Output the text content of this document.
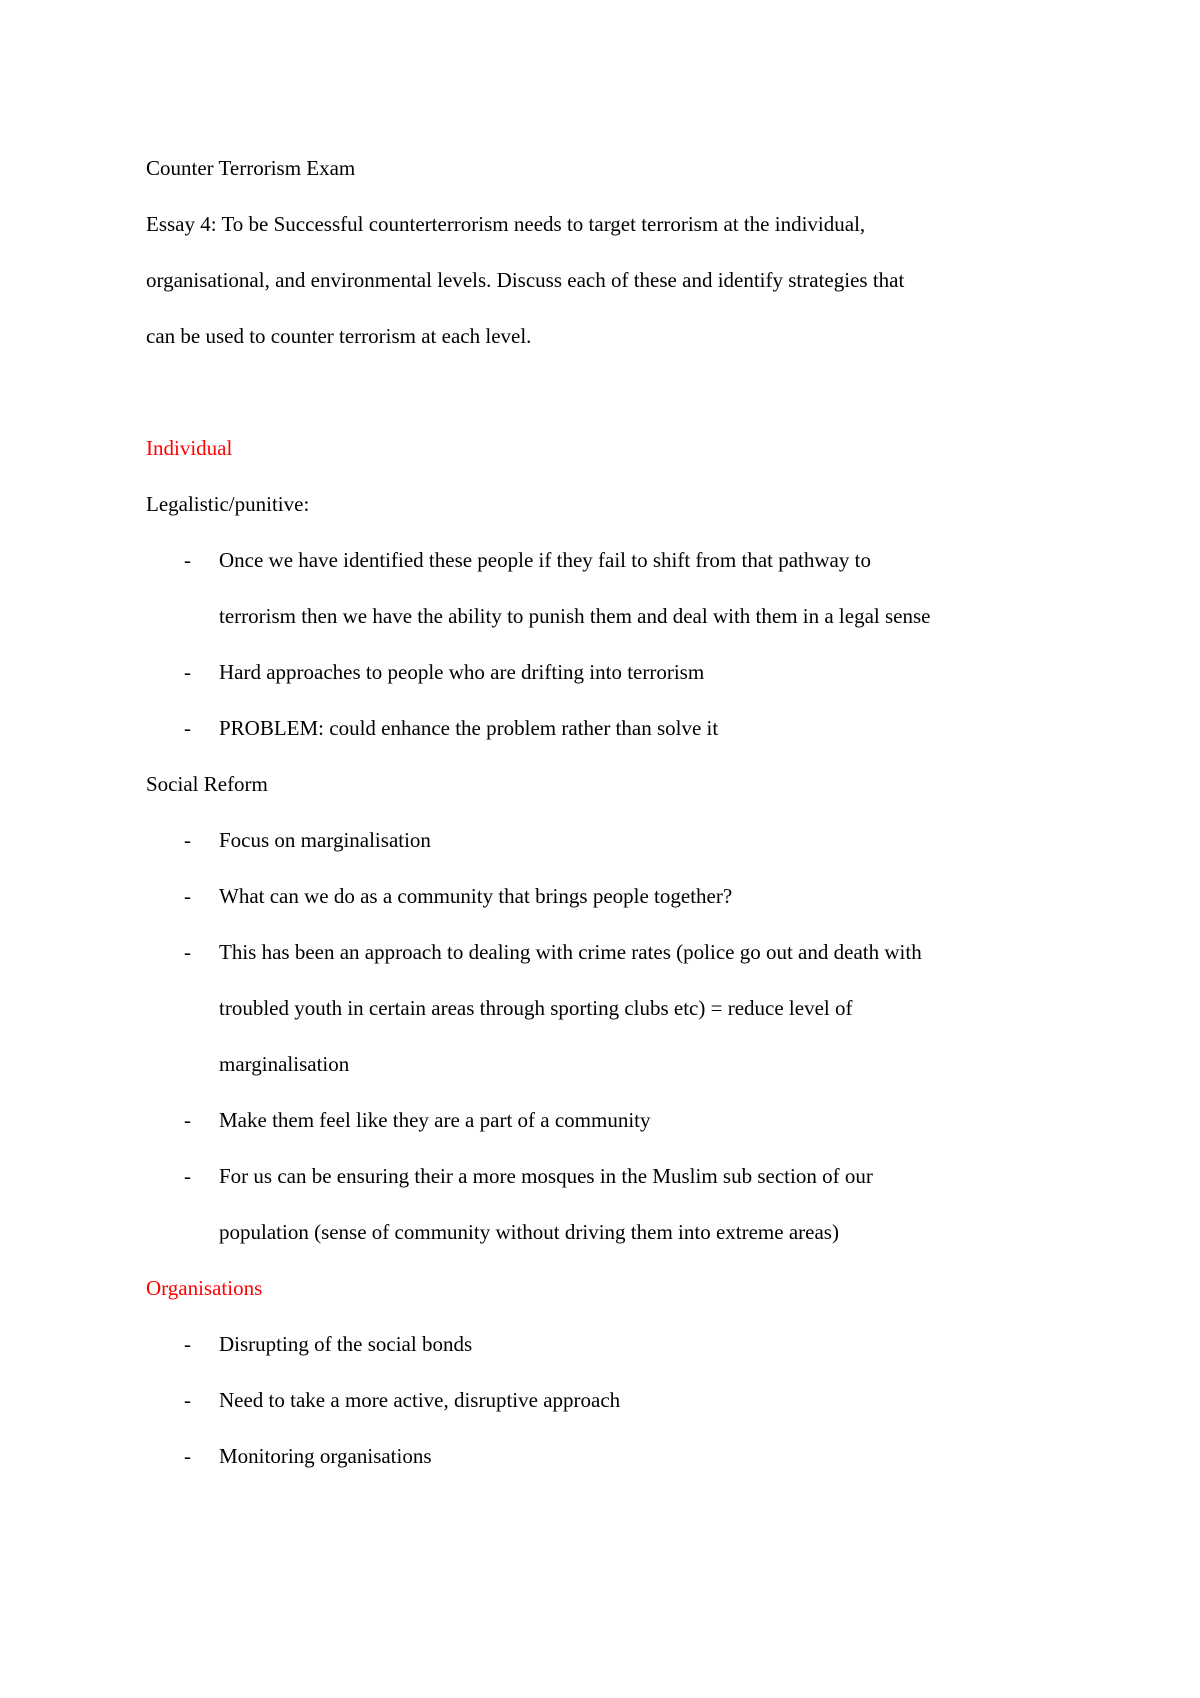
Counter Terrorism Exam
Essay 4: To be Successful counterterrorism needs to target terrorism at the individual,
organisational, and environmental levels. Discuss each of these and identify strategies that
can be used to counter terrorism at each level.
Individual
Legalistic/punitive:
- Once we have identified these people if they fail to shift from that pathway to
terrorism then we have the ability to punish them and deal with them in a legal sense
- Hard approaches to people who are drifting into terrorism
- PROBLEM: could enhance the problem rather than solve it
Social Reform
- Focus on marginalisation
- What can we do as a community that brings people together?
- This has been an approach to dealing with crime rates (police go out and death with
troubled youth in certain areas through sporting clubs etc) = reduce level of
marginalisation
- Make them feel like they are a part of a community
- For us can be ensuring their a more mosques in the Muslim sub section of our
population (sense of community without driving them into extreme areas)
Organisations
- Disrupting of the social bonds
- Need to take a more active, disruptive approach
- Monitoring organisations
